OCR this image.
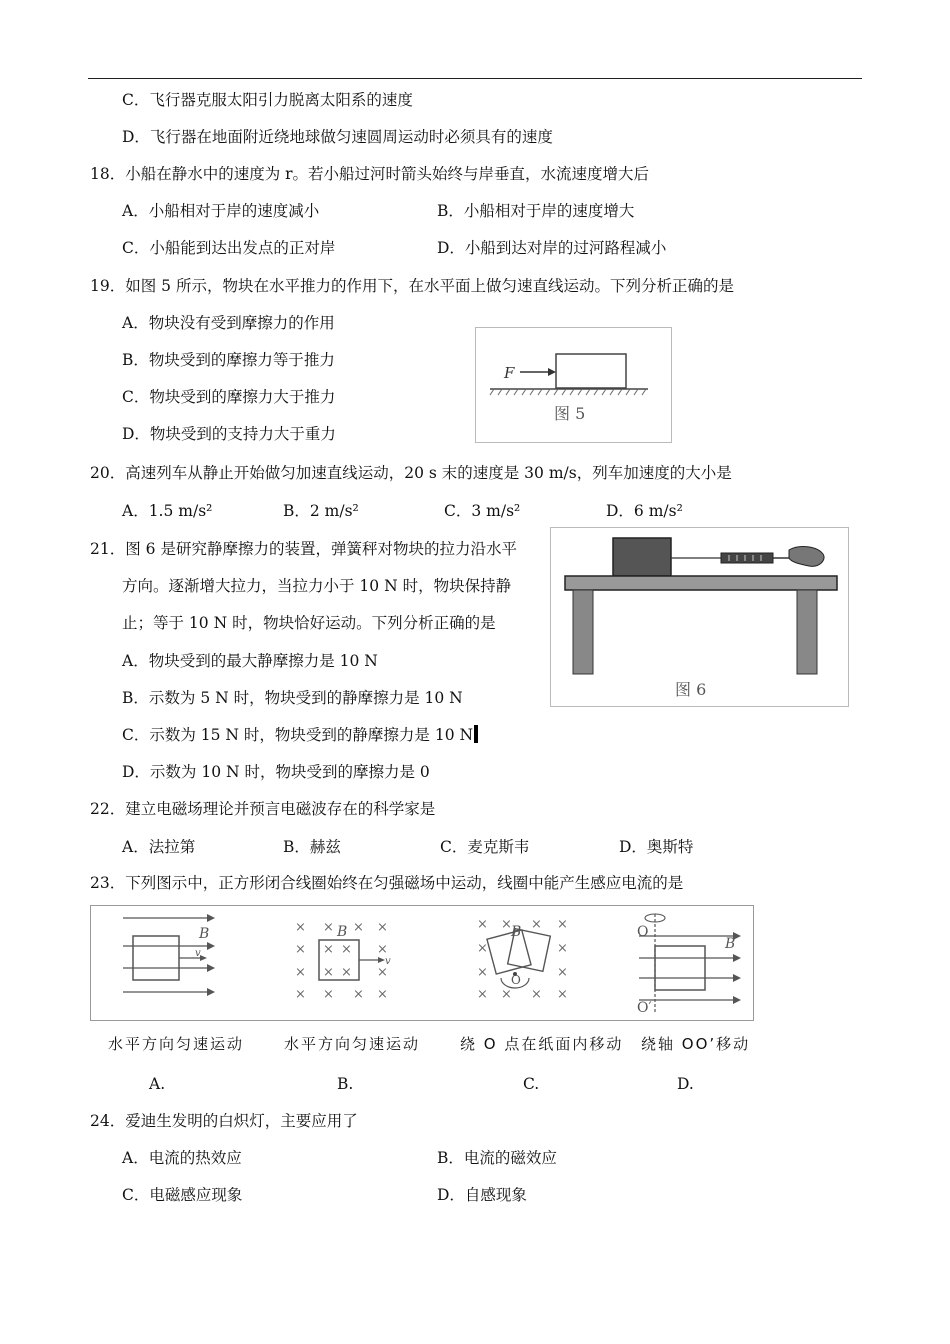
C．飞行器克服太阳引力脱离太阳系的速度
D．飞行器在地面附近绕地球做匀速圆周运动时必须具有的速度
18．小船在静水中的速度为 r。若小船过河时箭头始终与岸垂直，水流速度增大后
A．小船相对于岸的速度减小	B．小船相对于岸的速度增大
C．小船能到达出发点的正对岸	D．小船到达对岸的过河路程减小
19．如图 5 所示，物块在水平推力的作用下，在水平面上做匀速直线运动。下列分析正确的是
A．物块没有受到摩擦力的作用
B．物块受到的摩擦力等于推力
C．物块受到的摩擦力大于推力
D．物块受到的支持力大于重力
F
图 5
20．高速列车从静止开始做匀加速直线运动，20 s 末的速度是 30 m/s，列车加速度的大小是
A．1.5 m/s²	B．2 m/s²	C．3 m/s²	D．6 m/s²
21．图 6 是研究静摩擦力的装置，弹簧秤对物块的拉力沿水平
方向。逐渐增大拉力，当拉力小于 10 N 时，物块保持静
止；等于 10 N 时，物块恰好运动。下列分析正确的是
A．物块受到的最大静摩擦力是 10 N
B．示数为 5 N 时，物块受到的静摩擦力是 10 N
C．示数为 15 N 时，物块受到的静摩擦力是 10 N
D．示数为 10 N 时，物块受到的摩擦力是 0
图 6
22．建立电磁场理论并预言电磁波存在的科学家是
A．法拉第	B．赫兹	C．麦克斯韦	D．奥斯特
23．下列图示中，正方形闭合线圈始终在匀强磁场中运动，线圈中能产生感应电流的是
B
v
× × × ×
× × × ×
× × × ×
× × × ×
B
v
× × × ×
×	×
×	×
× × × ×
B
O
O
O′
B
水平方向匀速运动	水平方向匀速运动	绕 O 点在纸面内移动 绕轴 OO’移动
A.	B.	C.	D.
24．爱迪生发明的白炽灯，主要应用了
A．电流的热效应	B．电流的磁效应
C．电磁感应现象	D．自感现象
